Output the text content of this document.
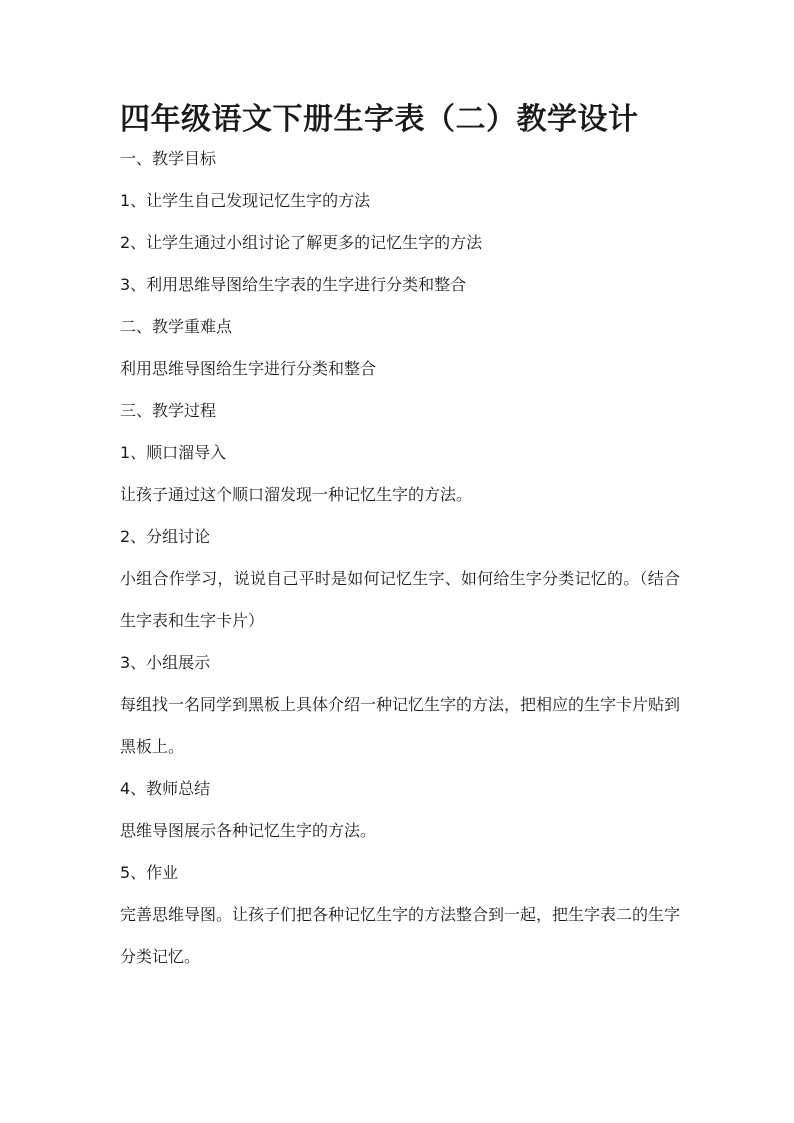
四年级语文下册生字表（二）教学设计
一、教学目标
1、让学生自己发现记忆生字的方法
2、让学生通过小组讨论了解更多的记忆生字的方法
3、利用思维导图给生字表的生字进行分类和整合
二、教学重难点
利用思维导图给生字进行分类和整合
三、教学过程
1、顺口溜导入
让孩子通过这个顺口溜发现一种记忆生字的方法。
2、分组讨论
小组合作学习，说说自己平时是如何记忆生字、如何给生字分类记忆的。（结合生字表和生字卡片）
3、小组展示
每组找一名同学到黑板上具体介绍一种记忆生字的方法，把相应的生字卡片贴到黑板上。
4、教师总结
思维导图展示各种记忆生字的方法。
5、作业
完善思维导图。让孩子们把各种记忆生字的方法整合到一起，把生字表二的生字分类记忆。
